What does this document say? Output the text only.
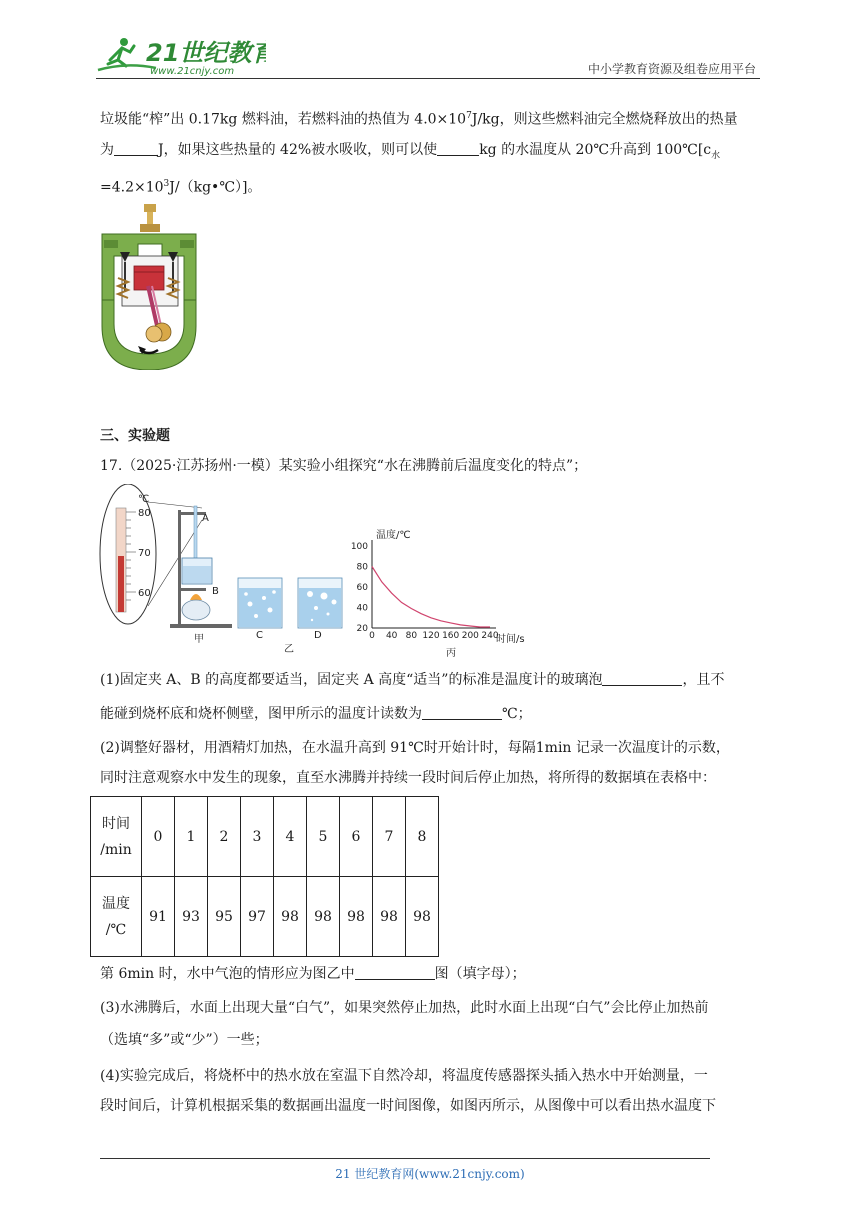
21世纪教育
www.21cnjy.com	中小学教育资源及组卷应用平台
垃圾能“榨”出 0.17kg 燃料油，若燃料油的热值为 $4.0\times 10^7J/kg$，则这些燃料油完全燃烧释放出的热量
为	J，如果这些热量的 42%被水吸收，则可以使	kg 的水温度从 20℃升高到 $100℃[c_水$
$=4.2\times 10^3J/(kg•℃)$]。
三、实验题
17.（2025·江苏扬州·一模）某实验小组探究“水在沸腾前后温度变化的特点”；
℃
80
70
60
A
B
甲	C	D
乙
温度/℃
时间/s
20
40
60
80
100
0 40 80 120 160 200 240
丙
(1)固定夹 A、B 的高度都要适当，固定夹 A 高度“适当”的标准是温度计的玻璃泡	，且不
能碰到烧杯底和烧杯侧壁，图甲所示的温度计读数为	℃；
(2)调整好器材，用酒精灯加热，在水温升高到 91℃时开始计时，每隔1min 记录一次温度计的示数，
同时注意观察水中发生的现象，直至水沸腾并持续一段时间后停止加热，将所得的数据填在表格中：
时间
/min	0	1	2	3	4	5	6	7	8
温度
/℃	91	93	95	97	98	98	98	98	98
第 6min 时，水中气泡的情形应为图乙中	图（填字母）；
(3)水沸腾后，水面上出现大量“白气”，如果突然停止加热，此时水面上出现“白气”会比停止加热前
（选填“多”或“少”）一些；
(4)实验完成后，将烧杯中的热水放在室温下自然冷却，将温度传感器探头插入热水中开始测量，一
段时间后，计算机根据采集的数据画出温度一时间图像，如图丙所示，从图像中可以看出热水温度下
21 世纪教育网(www.21cnjy.com)
